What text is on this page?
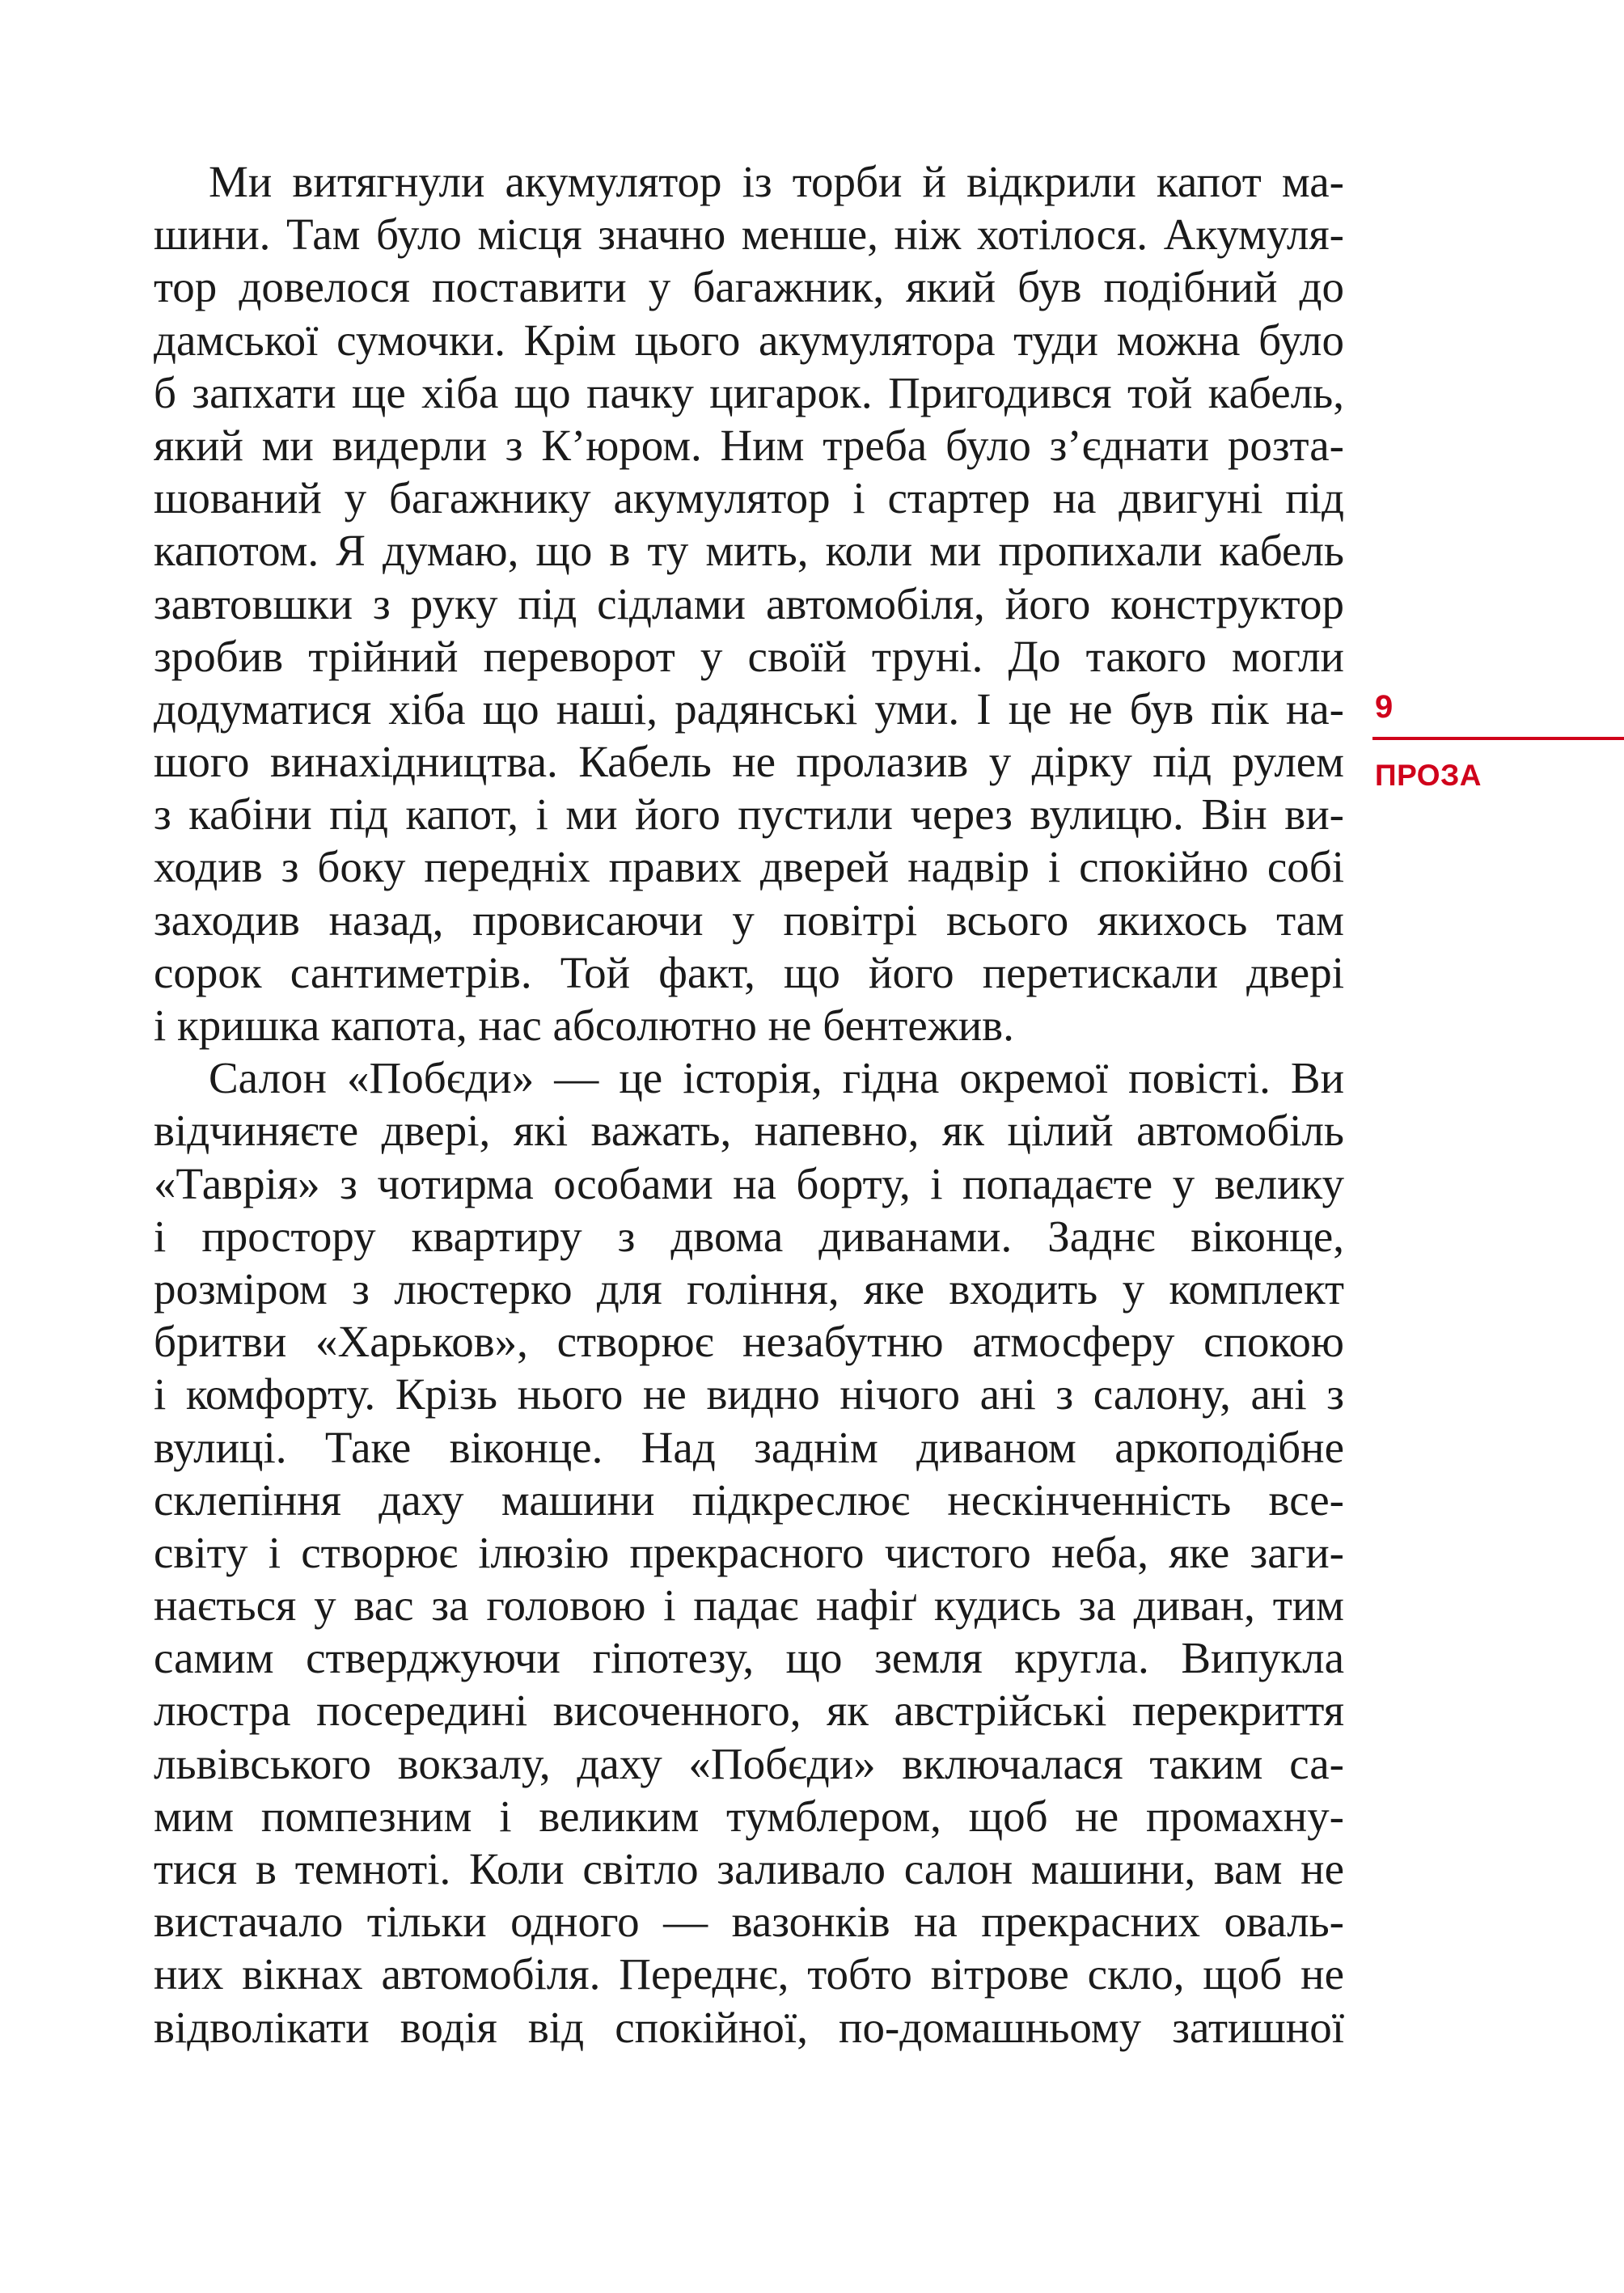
Ми витягнули акумулятор із торби й відкрили капот ма-
шини. Там було місця значно менше, ніж хотілося. Акумуля-
тор довелося поставити у багажник, який був подібний до
дамської сумочки. Крім цього акумулятора туди можна було
б запхати ще хіба що пачку цигарок. Пригодився той кабель,
який ми видерли з К’юром. Ним треба було з’єднати розта-
шований у багажнику акумулятор і стартер на двигуні під
капотом. Я думаю, що в ту мить, коли ми пропихали кабель
завтовшки з руку під сідлами автомобіля, його конструктор
зробив трійний переворот у своїй труні. До такого могли
додуматися хіба що наші, радянські уми. І це не був пік на-
шого винахідництва. Кабель не пролазив у дірку під рулем
з кабіни під капот, і ми його пустили через вулицю. Він ви-
ходив з боку передніх правих дверей надвір і спокійно собі
заходив назад, провисаючи у повітрі всього якихось там
сорок сантиметрів. Той факт, що його перетискали двері
і кришка капота, нас абсолютно не бентежив.
Салон «Побєди» — це історія, гідна окремої повісті. Ви
відчиняєте двері, які важать, напевно, як цілий автомобіль
«Таврія» з чотирма особами на борту, і попадаєте у велику
і простору квартиру з двома диванами. Заднє віконце,
розміром з люстерко для гоління, яке входить у комплект
бритви «Харьков», створює незабутню атмосферу спокою
і комфорту. Крізь нього не видно нічого ані з салону, ані з
вулиці. Таке віконце. Над заднім диваном аркоподібне
склепіння даху машини підкреслює нескінченність все-
світу і створює ілюзію прекрасного чистого неба, яке заги-
нається у вас за головою і падає нафіґ кудись за диван, тим
самим стверджуючи гіпотезу, що земля кругла. Випукла
люстра посередині височенного, як австрійські перекриття
львівського вокзалу, даху «Побєди» включалася таким са-
мим помпезним і великим тумблером, щоб не промахну-
тися в темноті. Коли світло заливало салон машини, вам не
вистачало тільки одного — вазонків на прекрасних оваль-
них вікнах автомобіля. Переднє, тобто вітрове скло, щоб не
відволікати водія від спокійної, по-домашньому затишної
9
ПРОЗА
